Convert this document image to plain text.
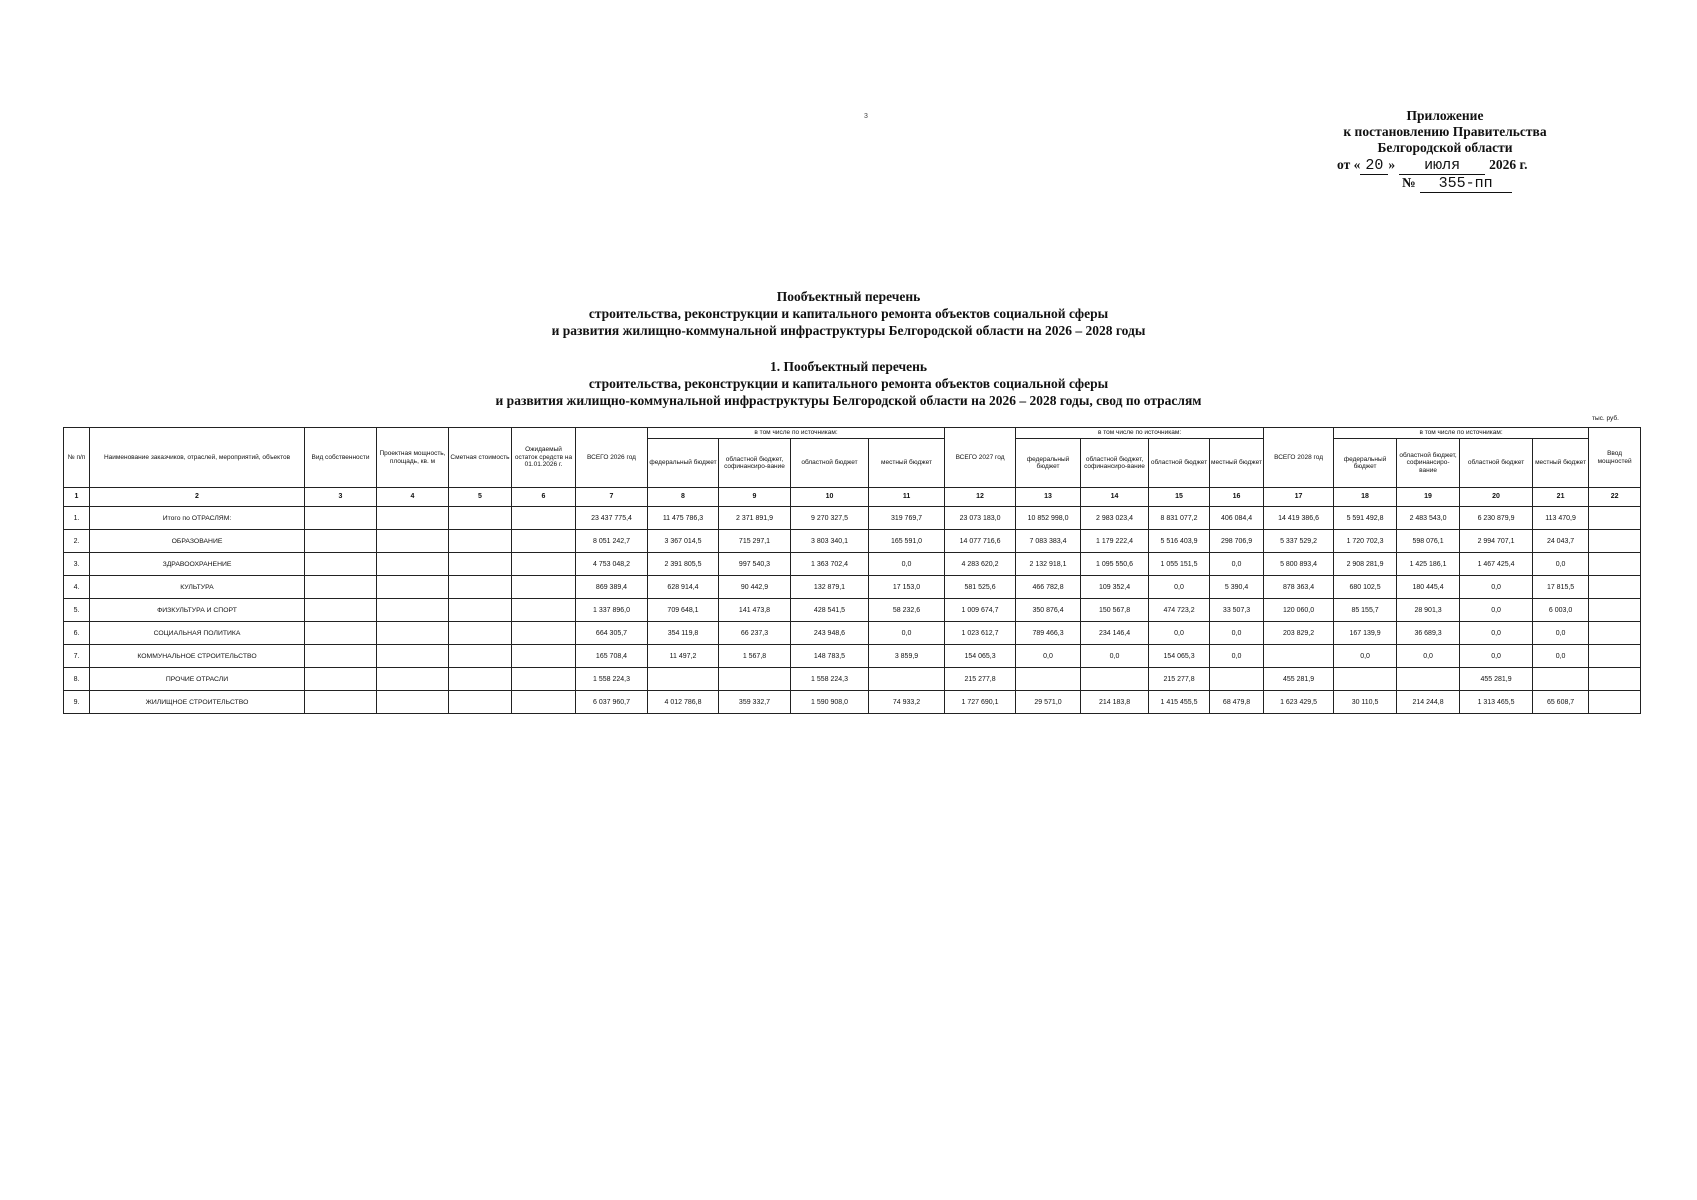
3	Приложение
к постановлению Правительства
Белгородской области
от « 20 » июля 2026 г.
№ 355-пп
Пообъектный перечень
строительства, реконструкции и капитального ремонта объектов социальной сферы
и развития жилищно-коммунальной инфраструктуры Белгородской области на 2026 – 2028 годы
1. Пообъектный перечень
строительства, реконструкции и капитального ремонта объектов социальной сферы
и развития жилищно-коммунальной инфраструктуры Белгородской области на 2026 – 2028 годы, свод по отраслям
тыс. руб.
№ п/п	Наименование заказчиков, отраслей, мероприятий, объектов	Вид собственности	Проектная мощность, площадь, кв. м	Сметная стоимость	Ожидаемый остаток средств на 01.01.2026 г.	ВСЕГО 2026 год	в том числе по источникам:				ВСЕГО 2027 год	в том числе по источникам:				ВСЕГО 2028 год	в том числе по источникам:				Ввод мощностей
							федеральный бюджет	областной бюджет, софинансиро-вание	областной бюджет	местный бюджет		федеральный бюджет	областной бюджет, софинансиро-вание	областной бюджет	местный бюджет		федеральный бюджет	областной бюджет, софинансиро-вание	областной бюджет	местный бюджет	
1	2	3	4	5	6	7	8	9	10	11	12	13	14	15	16	17	18	19	20	21	22
1.	Итого по ОТРАСЛЯМ:					23 437 775,4	11 475 786,3	2 371 891,9	9 270 327,5	319 769,7	23 073 183,0	10 852 998,0	2 983 023,4	8 831 077,2	406 084,4	14 419 386,6	5 591 492,8	2 483 543,0	6 230 879,9	113 470,9	
2.	ОБРАЗОВАНИЕ					8 051 242,7	3 367 014,5	715 297,1	3 803 340,1	165 591,0	14 077 716,6	7 083 383,4	1 179 222,4	5 516 403,9	298 706,9	5 337 529,2	1 720 702,3	598 076,1	2 994 707,1	24 043,7	
3.	ЗДРАВООХРАНЕНИЕ					4 753 048,2	2 391 805,5	997 540,3	1 363 702,4	0,0	4 283 620,2	2 132 918,1	1 095 550,6	1 055 151,5	0,0	5 800 893,4	2 908 281,9	1 425 186,1	1 467 425,4	0,0	
4.	КУЛЬТУРА					869 389,4	628 914,4	90 442,9	132 879,1	17 153,0	581 525,6	466 782,8	109 352,4	0,0	5 390,4	878 363,4	680 102,5	180 445,4	0,0	17 815,5	
5.	ФИЗКУЛЬТУРА И СПОРТ					1 337 896,0	709 648,1	141 473,8	428 541,5	58 232,6	1 009 674,7	350 876,4	150 567,8	474 723,2	33 507,3	120 060,0	85 155,7	28 901,3	0,0	6 003,0	
6.	СОЦИАЛЬНАЯ ПОЛИТИКА					664 305,7	354 119,8	66 237,3	243 948,6	0,0	1 023 612,7	789 466,3	234 146,4	0,0	0,0	203 829,2	167 139,9	36 689,3	0,0	0,0	
7.	КОММУНАЛЬНОЕ СТРОИТЕЛЬСТВО					165 708,4	11 497,2	1 567,8	148 783,5	3 859,9	154 065,3	0,0	0,0	154 065,3	0,0		0,0	0,0	0,0	0,0	
8.	ПРОЧИЕ ОТРАСЛИ					1 558 224,3			1 558 224,3		215 277,8			215 277,8		455 281,9			455 281,9		
9.	ЖИЛИЩНОЕ СТРОИТЕЛЬСТВО					6 037 960,7	4 012 786,8	359 332,7	1 590 908,0	74 933,2	1 727 690,1	29 571,0	214 183,8	1 415 455,5	68 479,8	1 623 429,5	30 110,5	214 244,8	1 313 465,5	65 608,7	
